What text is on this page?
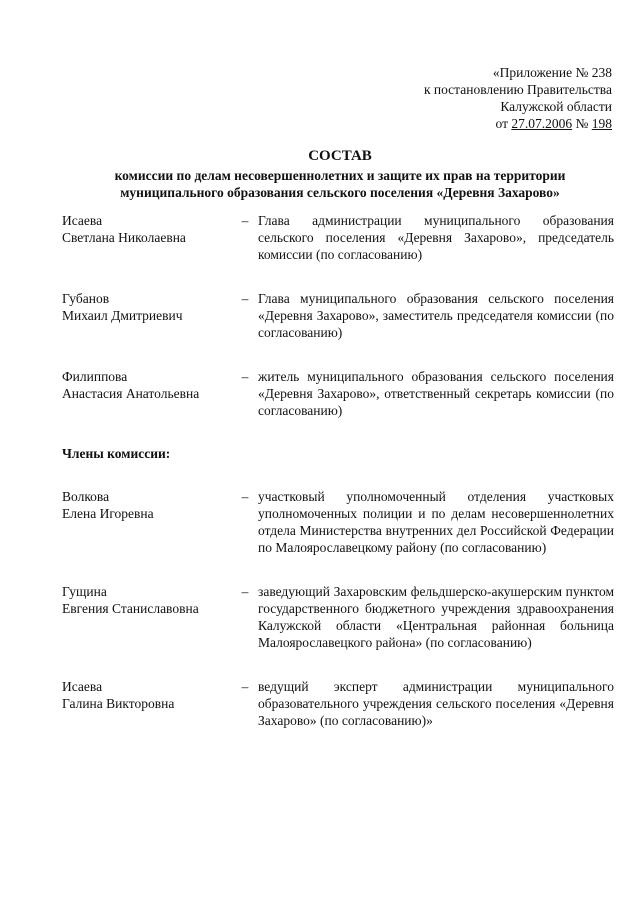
«Приложение № 238
к постановлению Правительства
Калужской области
от 27.07.2006 № 198
СОСТАВ
комиссии по делам несовершеннолетних и защите их прав на территории
муниципального образования сельского поселения «Деревня Захарово»
Исаева
Светлана Николаевна
– Глава администрации муниципального образования сельского поселения «Деревня Захарово», председатель комиссии (по согласованию)
Губанов
Михаил Дмитриевич
– Глава муниципального образования сельского поселения «Деревня Захарово», заместитель председателя комиссии (по согласованию)
Филиппова
Анастасия Анатольевна
– житель муниципального образования сельского поселения «Деревня Захарово», ответственный секретарь комиссии (по согласованию)
Члены комиссии:
Волкова
Елена Игоревна
– участковый уполномоченный отделения участковых уполномоченных полиции и по делам несовершеннолетних отдела Министерства внутренних дел Российской Федерации по Малоярославецкому району (по согласованию)
Гущина
Евгения Станиславовна
– заведующий Захаровским фельдшерско-акушерским пунктом государственного бюджетного учреждения здравоохранения Калужской области «Центральная районная больница Малоярославецкого района» (по согласованию)
Исаева
Галина Викторовна
– ведущий эксперт администрации муниципального образовательного учреждения сельского поселения «Деревня Захарово» (по согласованию)»
